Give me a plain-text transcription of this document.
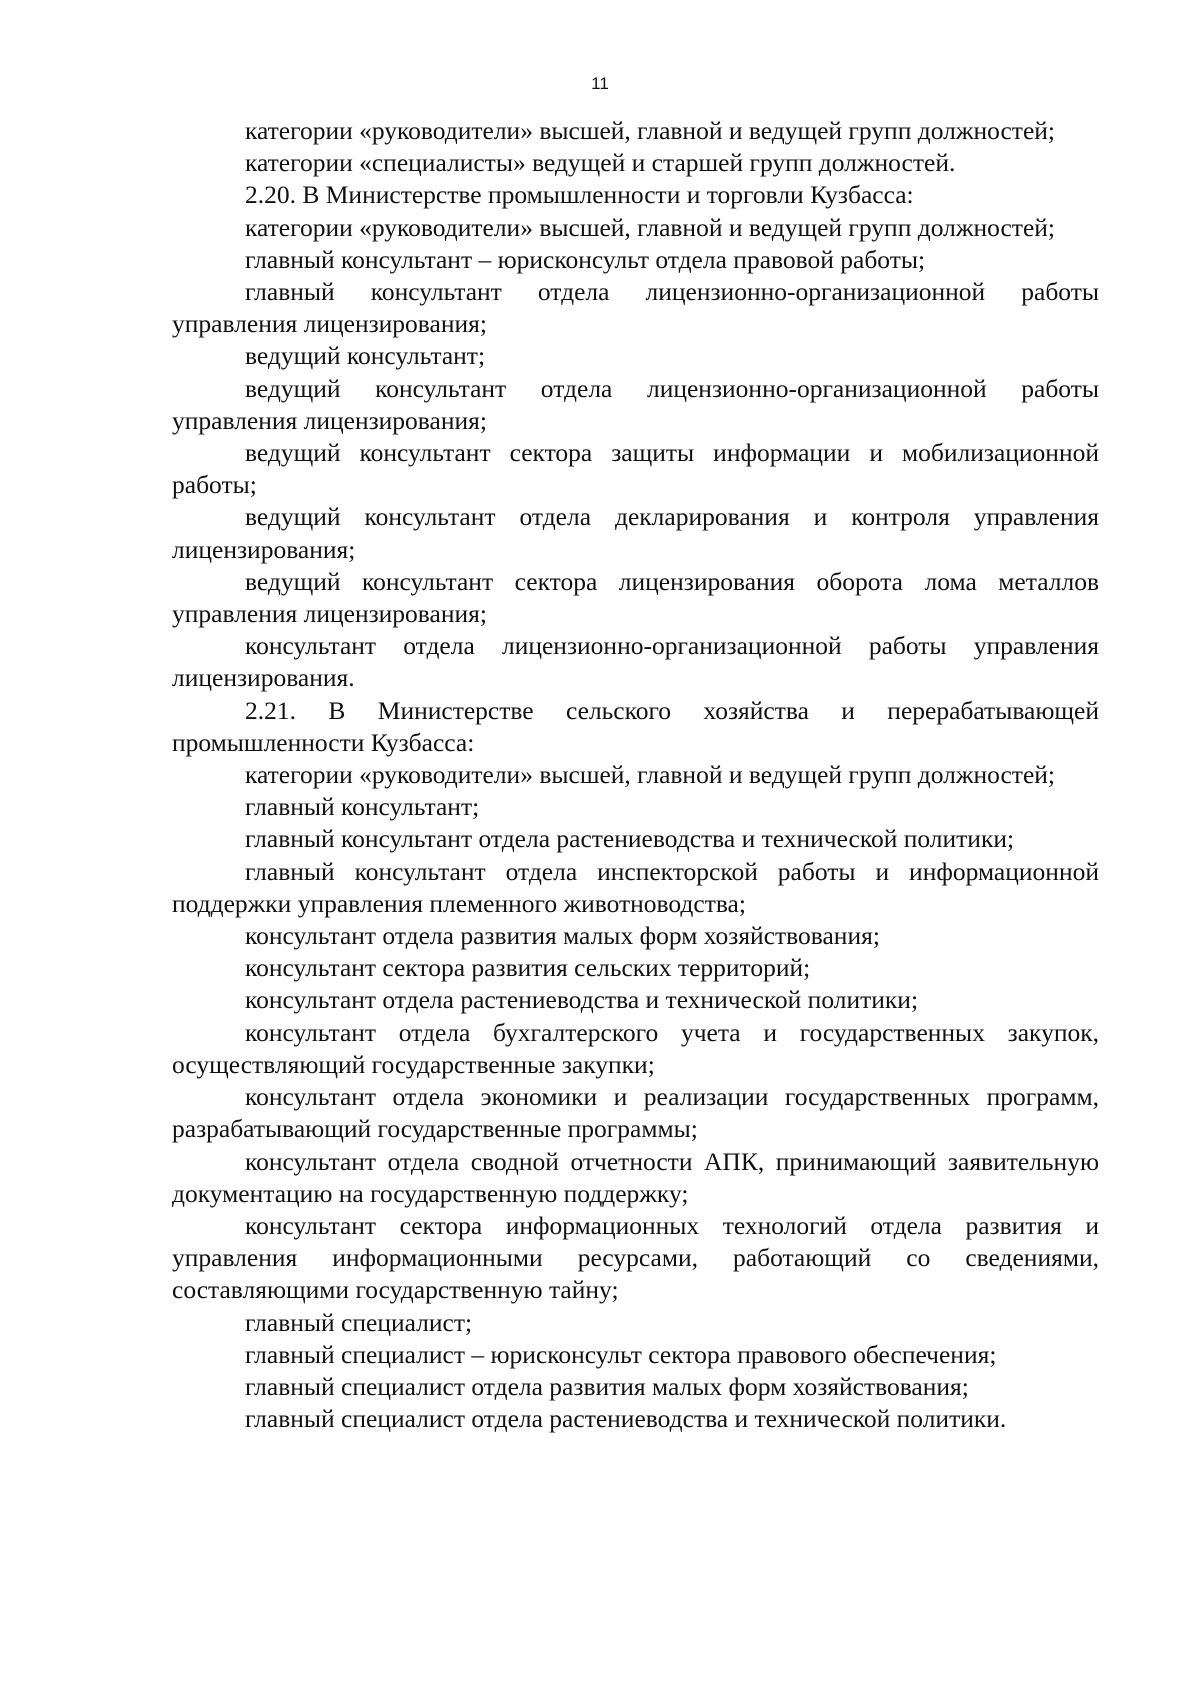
11

категории «руководители» высшей, главной и ведущей групп должностей;

категории «специалисты» ведущей и старшей групп должностей.

2.20. В Министерстве промышленности и торговли Кузбасса:

категории «руководители» высшей, главной и ведущей групп должностей;

главный консультант – юрисконсульт отдела правовой работы;

главный консультант отдела лицензионно-организационной работы управления лицензирования;

ведущий консультант;

ведущий консультант отдела лицензионно-организационной работы управления лицензирования;

ведущий консультант сектора защиты информации и мобилизационной работы;

ведущий консультант отдела декларирования и контроля управления лицензирования;

ведущий консультант сектора лицензирования оборота лома металлов управления лицензирования;

консультант отдела лицензионно-организационной работы управления лицензирования.

2.21. В Министерстве сельского хозяйства и перерабатывающей промышленности Кузбасса:

категории «руководители» высшей, главной и ведущей групп должностей;

главный консультант;

главный консультант отдела растениеводства и технической политики;

главный консультант отдела инспекторской работы и информационной поддержки управления племенного животноводства;

консультант отдела развития малых форм хозяйствования;

консультант сектора развития сельских территорий;

консультант отдела растениеводства и технической политики;

консультант отдела бухгалтерского учета и государственных закупок, осуществляющий государственные закупки;

консультант отдела экономики и реализации государственных программ, разрабатывающий государственные программы;

консультант отдела сводной отчетности АПК, принимающий заявительную документацию на государственную поддержку;

консультант сектора информационных технологий отдела развития и управления информационными ресурсами, работающий со сведениями, составляющими государственную тайну;

главный специалист;

главный специалист – юрисконсульт сектора правового обеспечения;

главный специалист отдела развития малых форм хозяйствования;

главный специалист отдела растениеводства и технической политики.
